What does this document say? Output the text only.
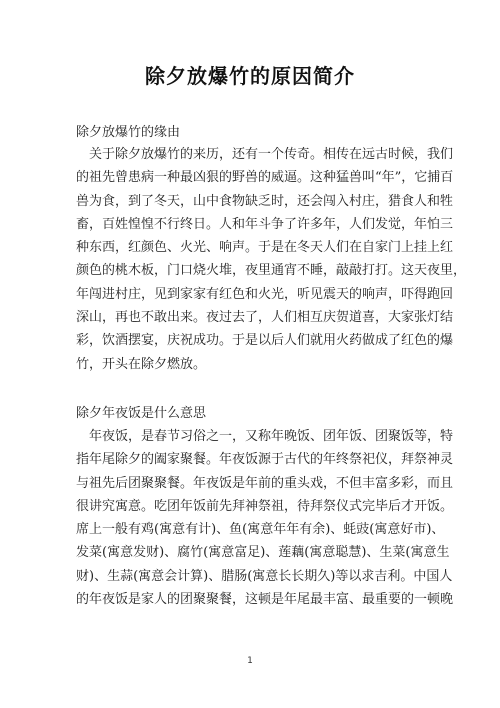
除夕放爆竹的原因简介
除夕放爆竹的缘由
　关于除夕放爆竹的来历，还有一个传奇。相传在远古时候，我们
的祖先曾患病一种最凶狠的野兽的威逼。这种猛兽叫“年”，它捕百
兽为食，到了冬天，山中食物缺乏时，还会闯入村庄，猎食人和牲
畜，百姓惶惶不行终日。人和年斗争了许多年，人们发觉，年怕三
种东西，红颜色、火光、响声。于是在冬天人们在自家门上挂上红
颜色的桃木板，门口烧火堆，夜里通宵不睡，敲敲打打。这天夜里，
年闯进村庄，见到家家有红色和火光，听见震天的响声，吓得跑回
深山，再也不敢出来。夜过去了，人们相互庆贺道喜，大家张灯结
彩，饮酒摆宴，庆祝成功。于是以后人们就用火药做成了红色的爆
竹，开头在除夕燃放。
除夕年夜饭是什么意思
　年夜饭，是春节习俗之一，又称年晚饭、团年饭、团聚饭等，特
指年尾除夕的阖家聚餐。年夜饭源于古代的年终祭祀仪，拜祭神灵
与祖先后团聚聚餐。年夜饭是年前的重头戏，不但丰富多彩，而且
很讲究寓意。吃团年饭前先拜神祭祖，待拜祭仪式完毕后才开饭。
席上一般有鸡(寓意有计)、鱼(寓意年年有余)、蚝豉(寓意好市)、
发菜(寓意发财)、腐竹(寓意富足)、莲藕(寓意聪慧)、生菜(寓意生
财)、生蒜(寓意会计算)、腊肠(寓意长长期久)等以求吉利。中国人
的年夜饭是家人的团聚聚餐，这顿是年尾最丰富、最重要的一顿晚
1
